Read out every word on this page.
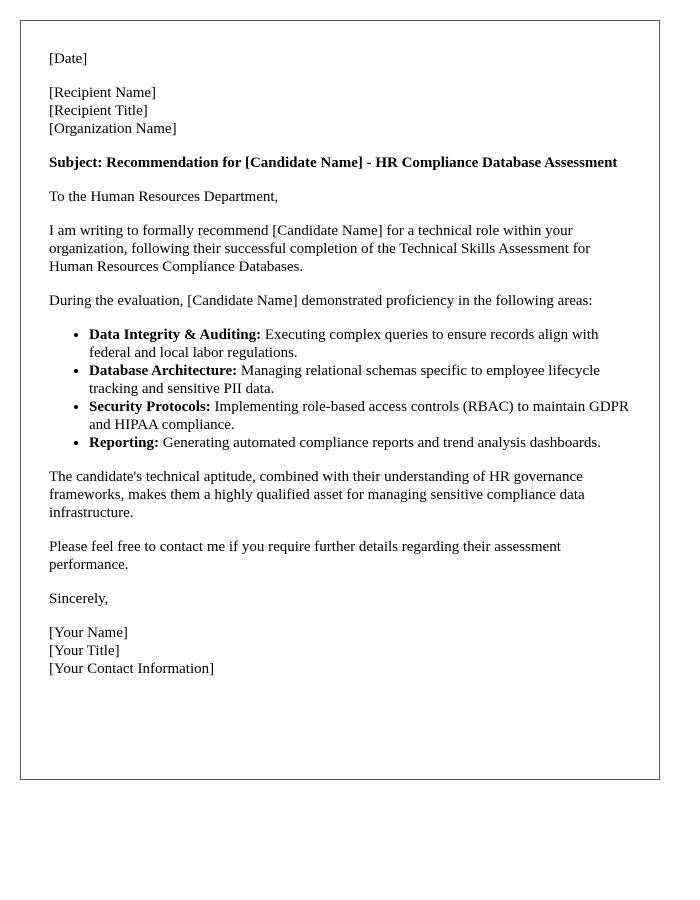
[Date]
[Recipient Name]
[Recipient Title]
[Organization Name]
Subject: Recommendation for [Candidate Name] - HR Compliance Database Assessment

To the Human Resources Department,

I am writing to formally recommend [Candidate Name] for a technical role within your organization, following their successful completion of the Technical Skills Assessment for Human Resources Compliance Databases.

During the evaluation, [Candidate Name] demonstrated proficiency in the following areas:

• Data Integrity & Auditing: Executing complex queries to ensure records align with federal and local labor regulations.
• Database Architecture: Managing relational schemas specific to employee lifecycle tracking and sensitive PII data.
• Security Protocols: Implementing role-based access controls (RBAC) to maintain GDPR and HIPAA compliance.
• Reporting: Generating automated compliance reports and trend analysis dashboards.

The candidate's technical aptitude, combined with their understanding of HR governance frameworks, makes them a highly qualified asset for managing sensitive compliance data infrastructure.

Please feel free to contact me if you require further details regarding their assessment performance.

Sincerely,

[Your Name]
[Your Title]
[Your Contact Information]
